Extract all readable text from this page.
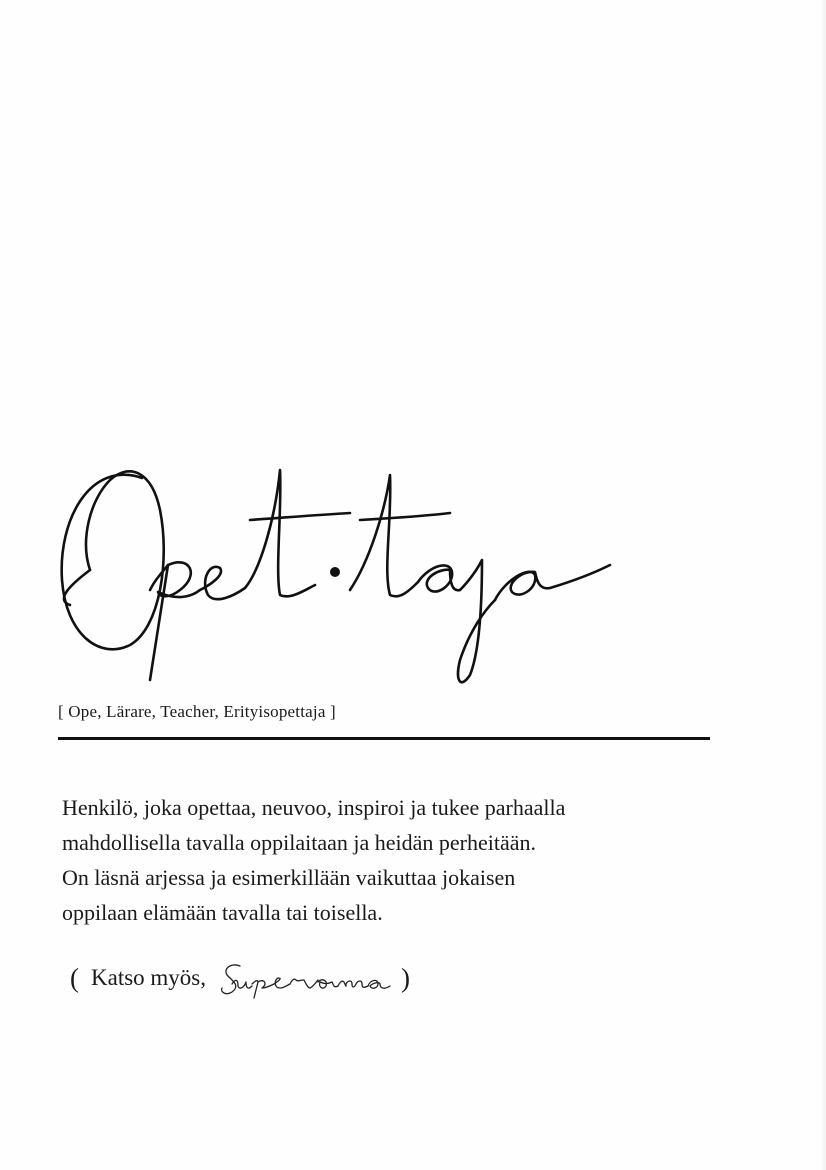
[ Ope, Lärare, Teacher, Erityisopettaja ]
Henkilö, joka opettaa, neuvoo, inspiroi ja tukee parhaalla
mahdollisella tavalla oppilaitaan ja heidän perheitään.
On läsnä arjessa ja esimerkillään vaikuttaa jokaisen
oppilaan elämään tavalla tai toisella.
( Katso myös,	)
